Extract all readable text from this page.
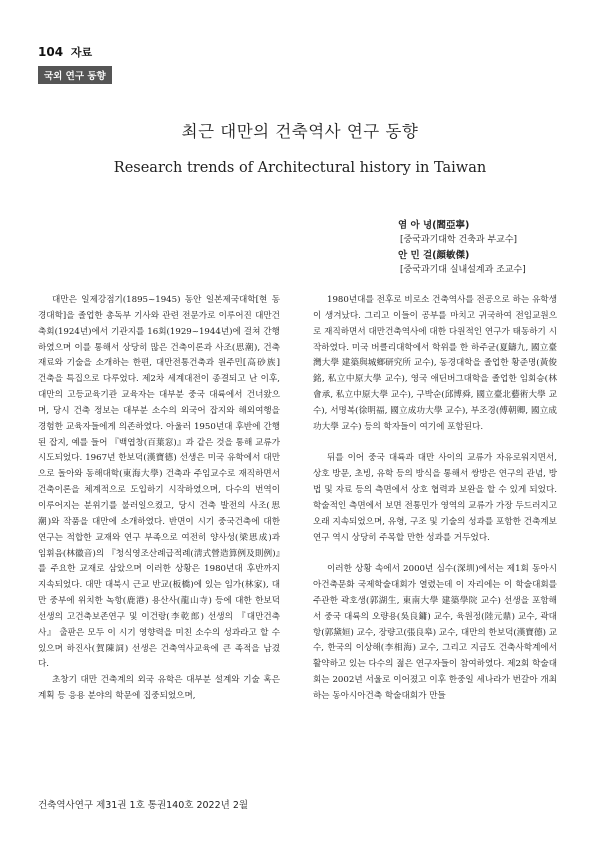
104 자료
국외 연구 동향
최근 대만의 건축역사 연구 동향
Research trends of Architectural history in Taiwan
염 아 녕(閻亞寧)
[중국과기대학 건축과 부교수]
안 민 걸(顔敏傑)
[중국과기대 실내설계과 조교수]

대만은 일제강점기(1895~1945) 동안 일본제국대학[현 동경대학]을 졸업한 총독부 기사와 관련 전문가로 이루어진 대만건축회(1924년)에서 기관지를 16회(1929~1944년)에 걸쳐 간행하였으며 이를 통해서 상당히 많은 건축이론과 사조(思潮), 건축재료와 기술을 소개하는 한편, 대만전통건축과 원주민[高砂族] 건축을 특집으로 다루었다. 제2차 세계대전이 종결되고 난 이후, 대만의 고등교육기관 교육자는 대부분 중국 대륙에서 건너왔으며, 당시 건축 정보는 대부분 소수의 외국어 잡지와 해외여행을 경험한 교육자들에게 의존하였다. 아울러 1950년대 후반에 간행된 잡지, 예를 들어 『백엽창(百葉窓)』과 같은 것을 통해 교류가 시도되었다. 1967년 한보덕(漢寶德) 선생은 미국 유학에서 대만으로 돌아와 동해대학(東海大學) 건축과 주임교수로 재직하면서 건축이론을 체계적으로 도입하기 시작하였으며, 다수의 번역이 이루어지는 분위기를 불러일으켰고, 당시 건축 발전의 사조(思潮)와 작품을 대만에 소개하였다. 반면이 시기 중국건축에 대한 연구는 적합한 교재와 연구 부족으로 여전히 양사성(梁思成)과 임휘음(林徽音)의 『청식영조산례급적례(淸式營造算例及則例)』를 주요한 교재로 삼았으며 이러한 상황은 1980년대 후반까지 지속되었다. 대만 대북시 근교 반교(板橋)에 있는 임가(林家), 대만 중부에 위치한 녹항(鹿港) 용산사(龍山寺) 등에 대한 한보덕 선생의 고건축보존연구 및 이건랑(李乾郎) 선생의 『대만건축사』 출판은 모두 이 시기 영향력을 미친 소수의 성과라고 할 수 있으며 하진사(賀陳詞) 선생은 건축역사교육에 큰 족적을 남겼다.

초창기 대만 건축계의 외국 유학은 대부분 설계와 기술 혹은 계획 등 응용 분야의 학문에 집중되었으며,

1980년대를 전후로 비로소 건축역사를 전공으로 하는 유학생이 생겨났다. 그리고 이들이 공부를 마치고 귀국하여 전임교원으로 재직하면서 대만건축역사에 대한 다원적인 연구가 태동하기 시작하였다. 미국 버클리대학에서 학위를 한 하주균(夏鑄九, 國立臺灣大學 建築與城鄉研究所 교수), 동경대학을 졸업한 황준명(黃俊銘, 私立中原大學 교수), 영국 애딘버그대학을 졸업한 임회승(林會承, 私立中原大學 교수), 구박순(邱博舜, 國立臺北藝術大學 교수), 서명복(徐明福, 國立成功大學 교수), 부조경(傅朝卿, 國立成功大學 교수) 등의 학자들이 여기에 포함된다.

뒤를 이어 중국 대륙과 대만 사이의 교류가 자유로워지면서, 상호 방문, 초빙, 유학 등의 방식을 통해서 쌍방은 연구의 관념, 방법 및 자료 등의 측면에서 상호 협력과 보완을 할 수 있게 되었다. 학술적인 측면에서 보면 전통민가 영역의 교류가 가장 두드러지고 오래 지속되었으며, 유형, 구조 및 기술의 성과를 포함한 건축계보 연구 역시 상당히 주목할 만한 성과를 거두었다.

이러한 상황 속에서 2000년 심수(深圳)에서는 제1회 동아시아건축문화 국제학술대회가 열렸는데 이 자리에는 이 학술대회를 주관한 곽호생(郭湖生, 東南大學 建築學院 교수) 선생을 포함해서 중국 대륙의 오량용(吳良鏞) 교수, 육원정(陸元鼎) 교수, 곽대항(郭黛姮) 교수, 장량고(張良皋) 교수, 대만의 한보덕(漢寶德) 교수, 한국의 이상해(李相海) 교수, 그리고 지금도 건축사학계에서 활약하고 있는 다수의 젊은 연구자들이 참여하였다. 제2회 학술대회는 2002년 서울로 이어졌고 이후 한중일 세나라가 번갈아 개최하는 동아시아건축 학술대회가 만들

건축역사연구 제31권 1호 통권140호 2022년 2월
